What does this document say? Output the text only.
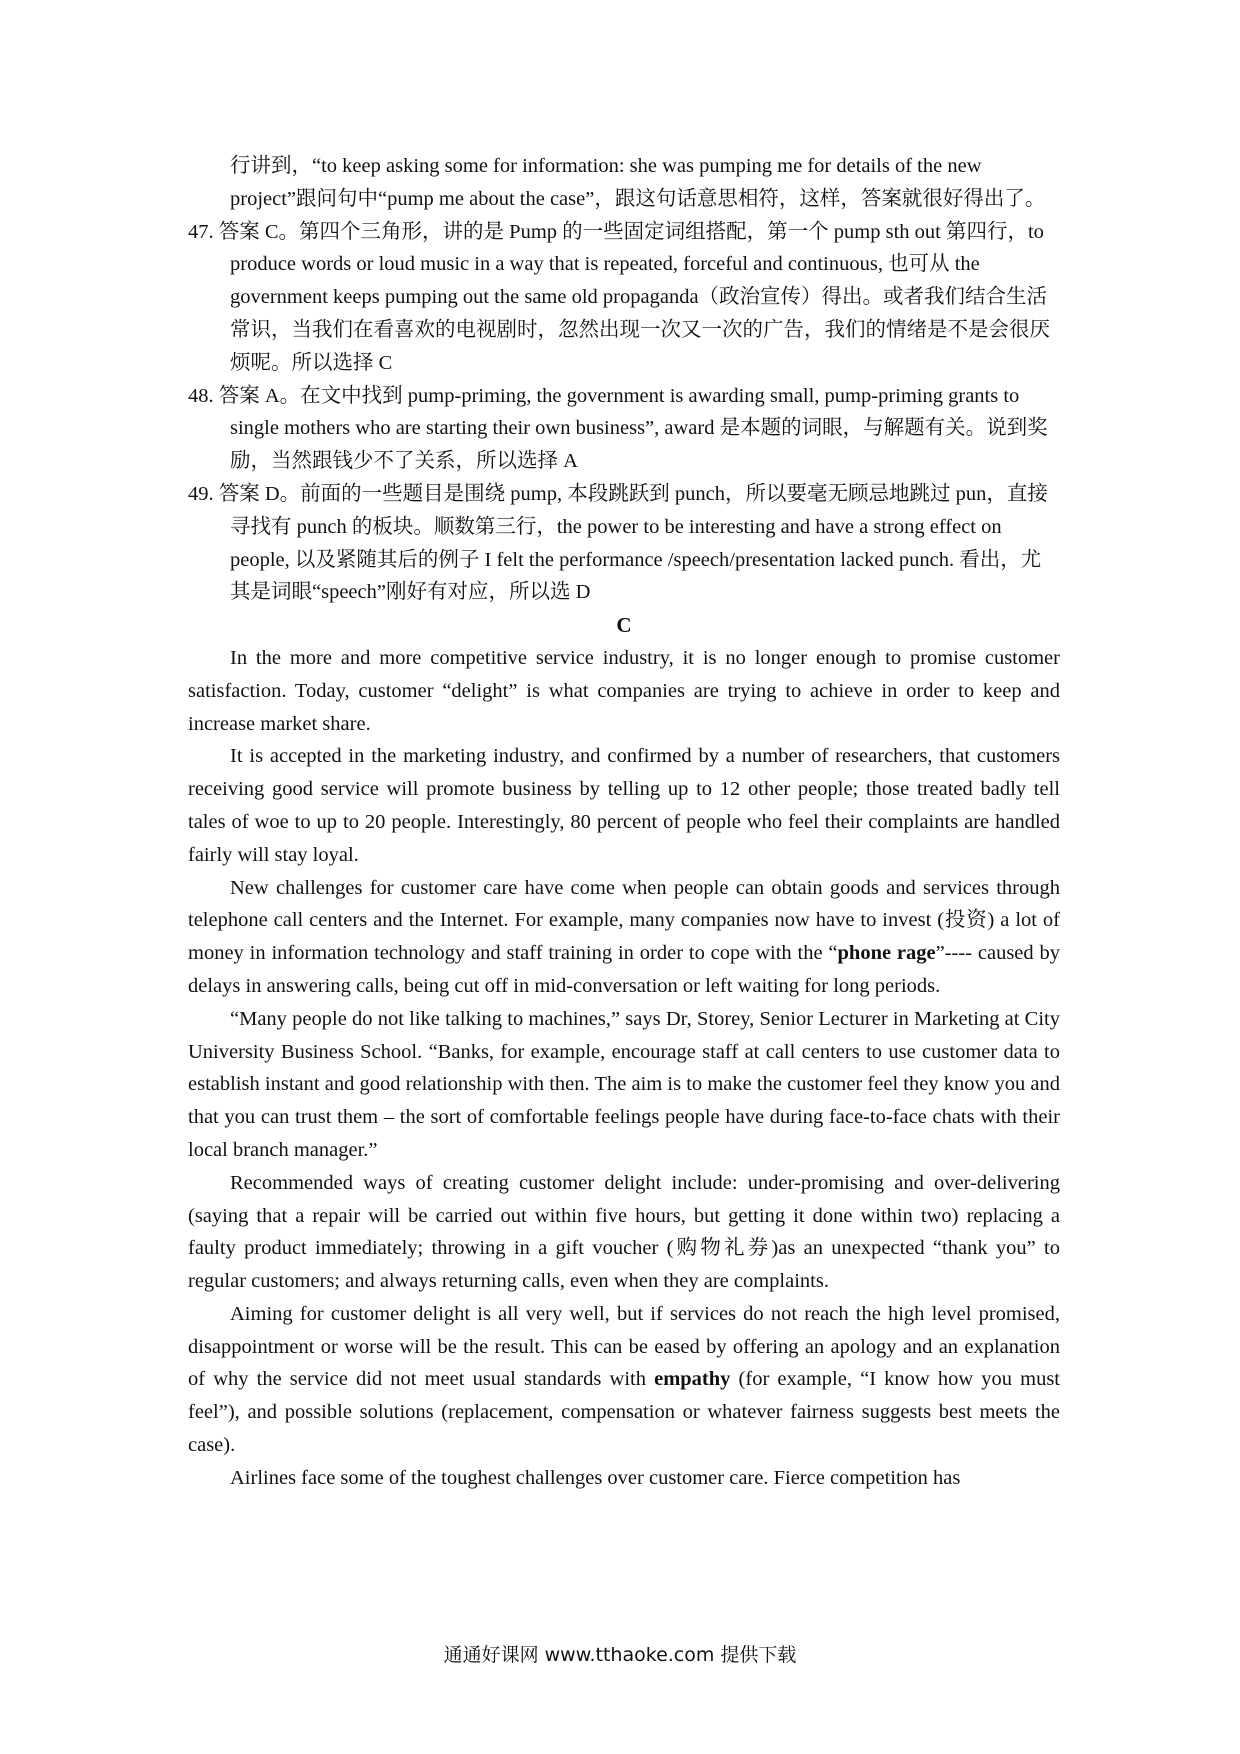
行讲到，“to keep asking some for information: she was pumping me for details of the new project”跟问句中“pump me about the case”，跟这句话意思相符，这样，答案就很好得出了。

47. 答案 C。第四个三角形，讲的是 Pump 的一些固定词组搭配，第一个 pump sth out 第四行，to produce words or loud music in a way that is repeated, forceful and continuous, 也可从 the government keeps pumping out the same old propaganda（政治宣传）得出。或者我们结合生活常识，当我们在看喜欢的电视剧时，忽然出现一次又一次的广告，我们的情绪是不是会很厌烦呢。所以选择 C

48. 答案 A。在文中找到 pump-priming, the government is awarding small, pump-priming grants to single mothers who are starting their own business”, award 是本题的词眼，与解题有关。说到奖励，当然跟钱少不了关系，所以选择 A

49. 答案 D。前面的一些题目是围绕 pump, 本段跳跃到 punch，所以要毫无顾忌地跳过 pun，直接寻找有 punch 的板块。顺数第三行，the power to be interesting and have a strong effect on people, 以及紧随其后的例子 I felt the performance /speech/presentation lacked punch. 看出，尤其是词眼“speech”刚好有对应，所以选 D

C

In the more and more competitive service industry, it is no longer enough to promise customer satisfaction. Today, customer “delight” is what companies are trying to achieve in order to keep and increase market share.

It is accepted in the marketing industry, and confirmed by a number of researchers, that customers receiving good service will promote business by telling up to 12 other people; those treated badly tell tales of woe to up to 20 people. Interestingly, 80 percent of people who feel their complaints are handled fairly will stay loyal.

New challenges for customer care have come when people can obtain goods and services through telephone call centers and the Internet. For example, many companies now have to invest (投资) a lot of money in information technology and staff training in order to cope with the “phone rage”---- caused by delays in answering calls, being cut off in mid-conversation or left waiting for long periods.

“Many people do not like talking to machines,” says Dr, Storey, Senior Lecturer in Marketing at City University Business School. “Banks, for example, encourage staff at call centers to use customer data to establish instant and good relationship with then. The aim is to make the customer feel they know you and that you can trust them – the sort of comfortable feelings people have during face-to-face chats with their local branch manager.”

Recommended ways of creating customer delight include: under-promising and over-delivering (saying that a repair will be carried out within five hours, but getting it done within two) replacing a faulty product immediately; throwing in a gift voucher (购物礼券)as an unexpected “thank you” to regular customers; and always returning calls, even when they are complaints.

Aiming for customer delight is all very well, but if services do not reach the high level promised, disappointment or worse will be the result. This can be eased by offering an apology and an explanation of why the service did not meet usual standards with empathy (for example, “I know how you must feel”), and possible solutions (replacement, compensation or whatever fairness suggests best meets the case).

Airlines face some of the toughest challenges over customer care. Fierce competition has

通通好课网 www.tthaoke.com 提供下载
